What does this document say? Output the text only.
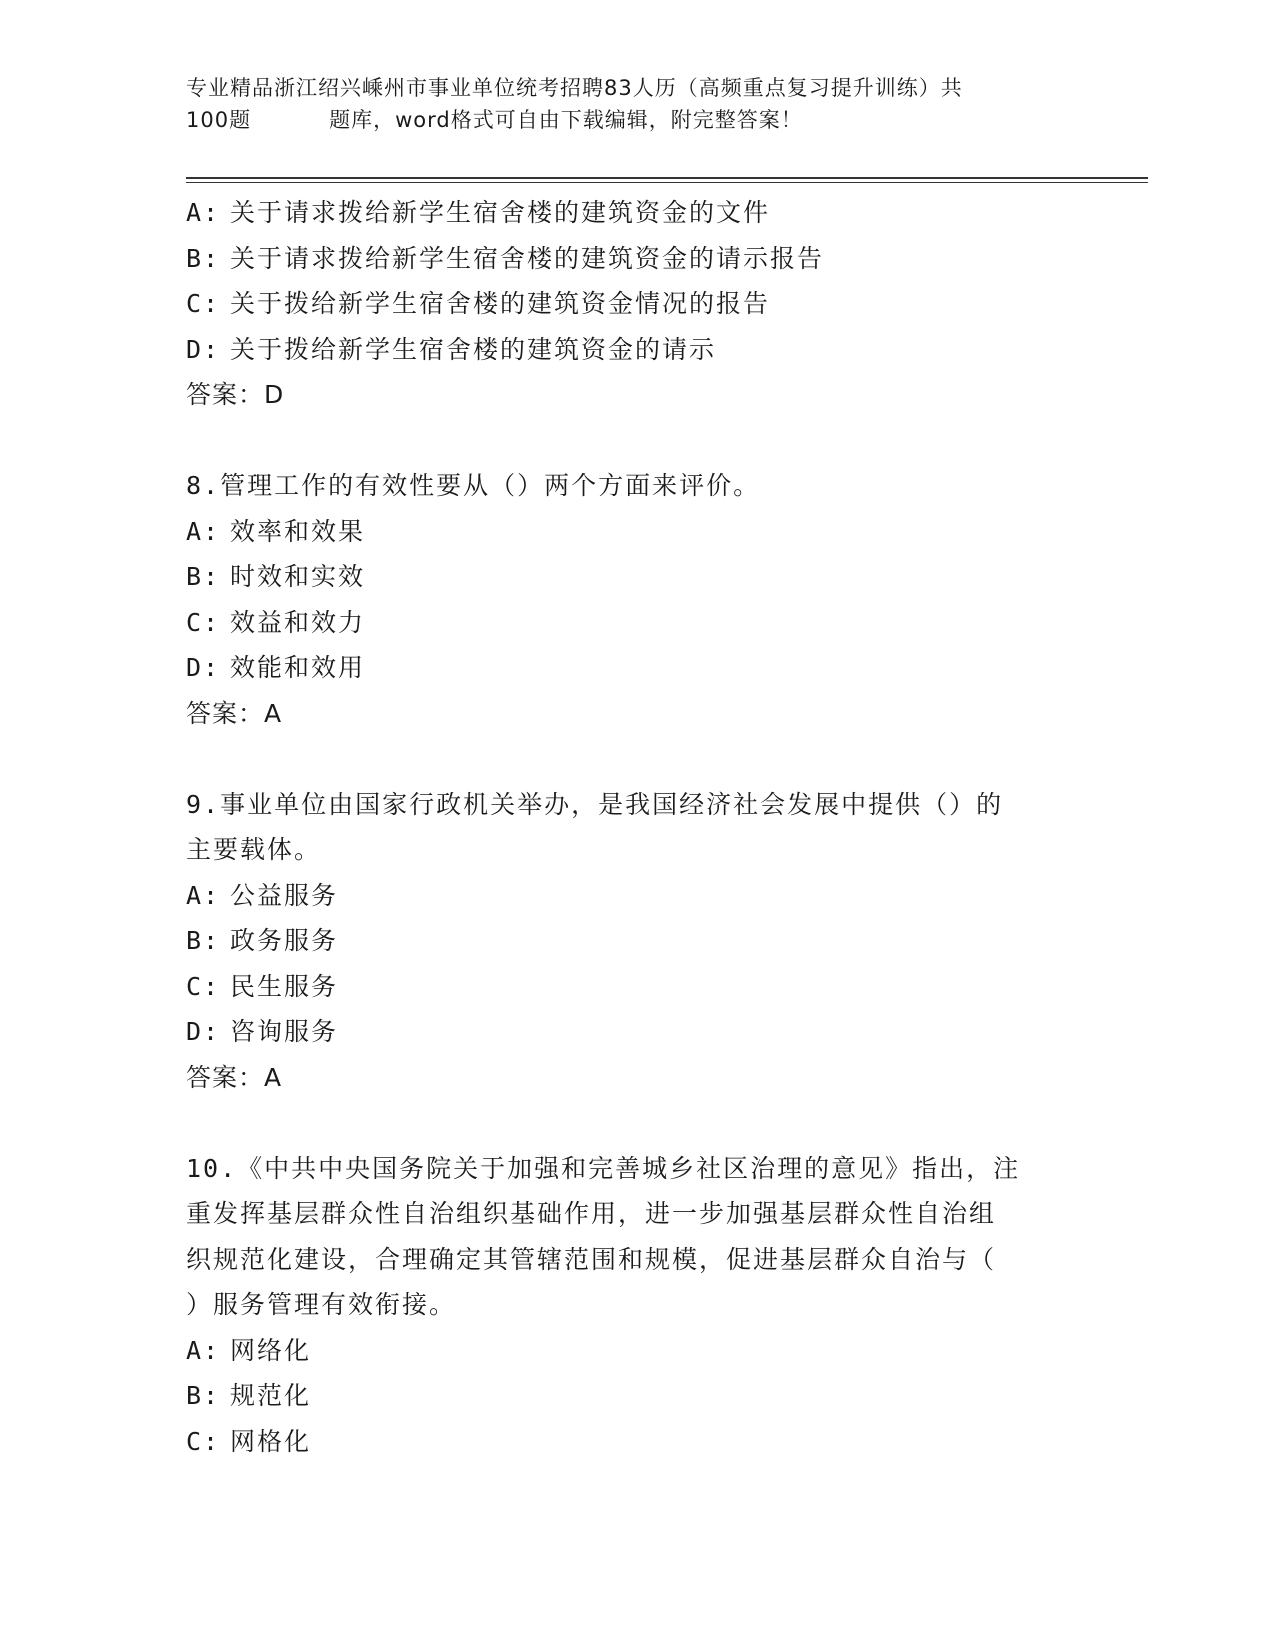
专业精品浙江绍兴嵊州市事业单位统考招聘83人历（高频重点复习提升训练）共
100题	题库，word格式可自由下载编辑，附完整答案！
A: 关于请求拨给新学生宿舍楼的建筑资金的文件
B: 关于请求拨给新学生宿舍楼的建筑资金的请示报告
C: 关于拨给新学生宿舍楼的建筑资金情况的报告
D: 关于拨给新学生宿舍楼的建筑资金的请示
答案：D
8.管理工作的有效性要从（）两个方面来评价。
A: 效率和效果
B: 时效和实效
C: 效益和效力
D: 效能和效用
答案：A
9.事业单位由国家行政机关举办，是我国经济社会发展中提供（）的
主要载体。
A: 公益服务
B: 政务服务
C: 民生服务
D: 咨询服务
答案：A
10.《中共中央国务院关于加强和完善城乡社区治理的意见》指出，注
重发挥基层群众性自治组织基础作用，进一步加强基层群众性自治组
织规范化建设，合理确定其管辖范围和规模，促进基层群众自治与（
）服务管理有效衔接。
A: 网络化
B: 规范化
C: 网格化
